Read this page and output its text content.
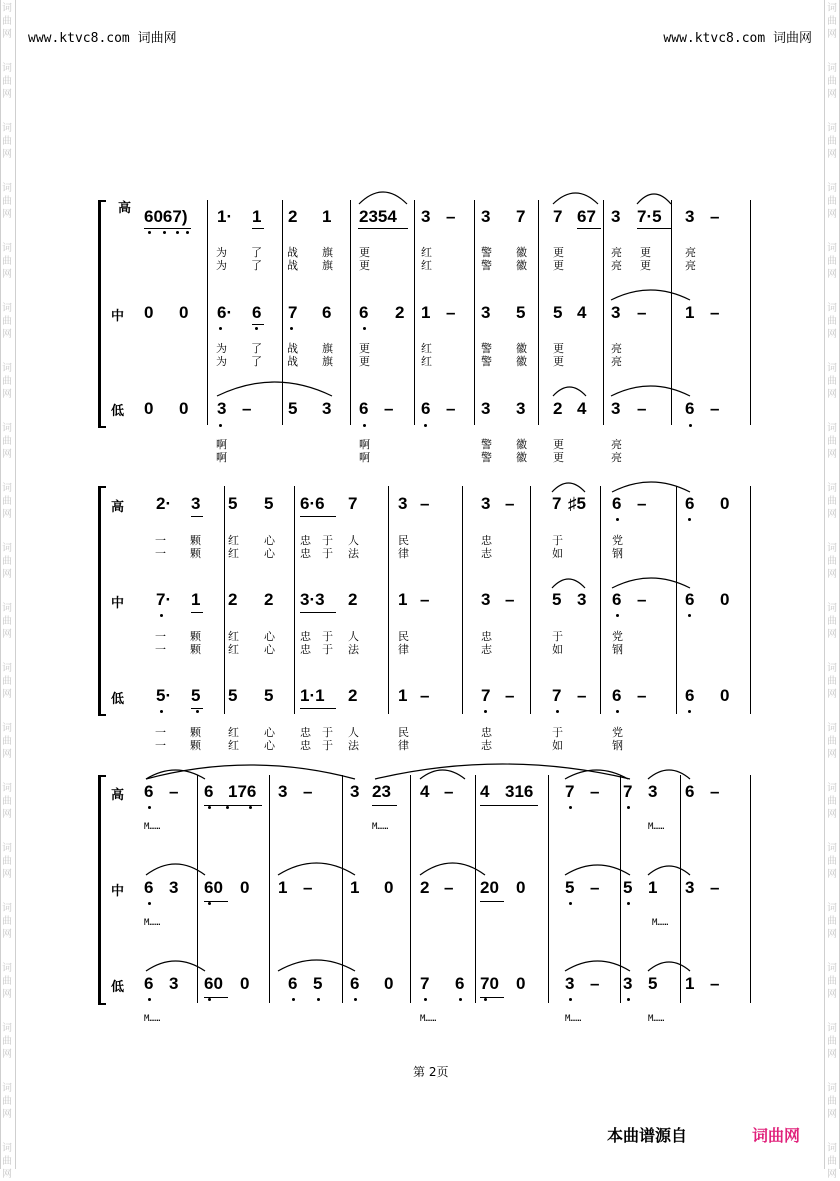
词
曲
网
词
曲
网
词
曲
网
词
曲
网
词
曲
网
词
曲
网
词
曲
网
词
曲
网
词
曲
网
词
曲
网
词
曲
网
词
曲
网
词
曲
网
词
曲
网
词
曲
网
词
曲
网
词
曲
网
词
曲
网
词
曲
网
词
曲
网
词
曲
网
词
曲
网
词
曲
网
词
曲
网
词
曲
网
词
曲
网
词
曲
网
词
曲
网
词
曲
网
词
曲
网
词
曲
网
词
曲
网
词
曲
网
词
曲
网
词
曲
网
词
曲
网
词
曲
网
词
曲
网
词
曲
网
词
曲
网
www.ktvc8.com 词曲网	www.ktvc8.com 词曲网
高
中
低
6067) 1· 1 2 1 2354 3 – 3 7 7 67 3 7·5 3 –
为 了 战 旗 更	红	警 徽 更	亮 更	亮
为 了 战 旗 更	红	警 徽 更	亮 更	亮
0 0 6· 6 7 6 6 2 1 – 3 5 5 4 3 – 1 –
为 了 战 旗 更	红	警 徽 更	亮
为 了 战 旗 更	红	警 徽 更	亮
0 0 3 – 5 3 6 – 6 – 3 3 2 4 3 – 6 –
啊	啊	警 徽 更	亮
啊	啊	警 徽 更	亮
高
中
低
2· 3 5 5 6·6 7 3 –	3 – 7 ♯5 6 – 6 0
一 颗 红 心 忠 于 人	民	忠	于	党
一 颗 红 心 忠 于 法	律	志	如	钢
7· 1 2 2 3·3 2 1 –	3 – 5 3 6 – 6 0
一 颗 红 心 忠 于 人	民	忠	于	党
一 颗 红 心 忠 于 法	律	志	如	钢
5· 5 5 5 1·1 2 1 –	7 – 7 – 6 – 6 0
一 颗 红 心 忠 于 人	民	忠	于	党
一 颗 红 心 忠 于 法	律	志	如	钢
高
中
低
6 – 6 176 3 – 3 23 4 – 4 316 7 – 7 3 6 –
6 3 60 0 1 – 1 0 2 – 20 0 5 – 5 1 3 –
6 3 60 0 6 5 6 0 7 6 70 0 3 – 3 5 1 –
M……	M……	M……
M……	M……
M……	M……	M……	M……
第 2页
本曲谱源自	词曲网
